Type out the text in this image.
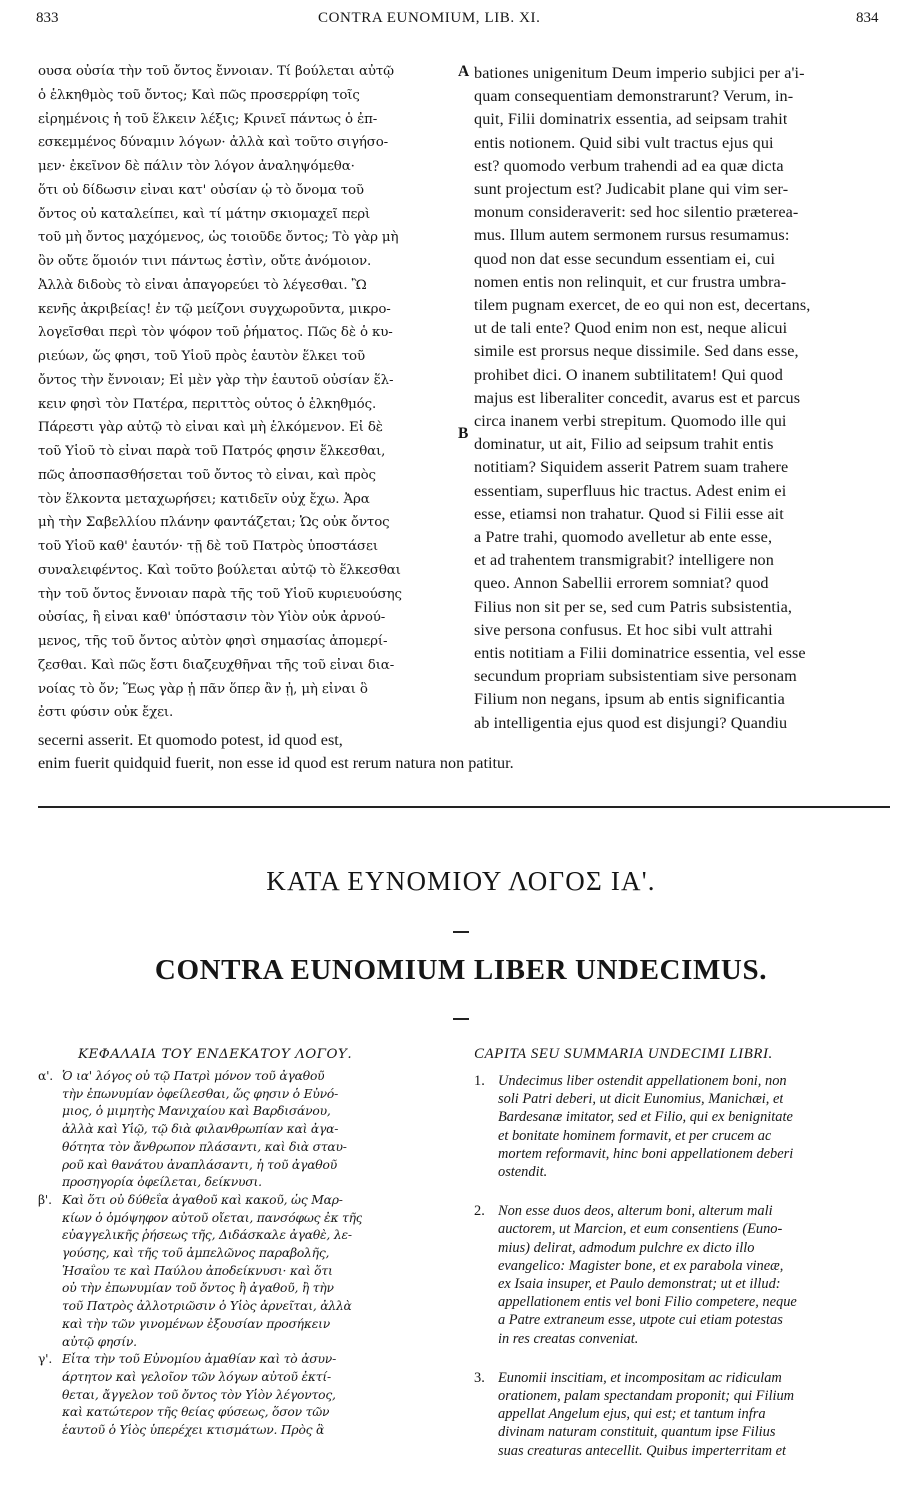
833	CONTRA EUNOMIUM, LIB. XI.	834
ουσα οὐσία τὴν τοῦ ὄντος ἔννοιαν. Τί βούλεται αὐτῷ
ὁ ἑλκηθμὸς τοῦ ὄντος; Καὶ πῶς προσερρίφη τοῖς
εἰρημένοις ἡ τοῦ ἕλκειν λέξις; Κρινεῖ πάντως ὁ ἐπ-
εσκεμμένος δύναμιν λόγων· ἀλλὰ καὶ τοῦτο σιγήσο-
μεν· ἐκεῖνον δὲ πάλιν τὸν λόγον ἀναληψόμεθα·
ὅτι οὐ δίδωσιν εἶναι κατ' οὐσίαν ᾧ τὸ ὄνομα τοῦ
ὄντος οὐ καταλείπει, καὶ τί μάτην σκιομαχεῖ περὶ
τοῦ μὴ ὄντος μαχόμενος, ὡς τοιοῦδε ὄντος; Τὸ γὰρ μὴ
ὂν οὔτε ὅμοιόν τινι πάντως ἐστὶν, οὔτε ἀνόμοιον.
Ἀλλὰ διδοὺς τὸ εἶναι ἀπαγορεύει τὸ λέγεσθαι. Ὢ
κενῆς ἀκριβείας! ἐν τῷ μείζονι συγχωροῦντα, μικρο-
λογεῖσθαι περὶ τὸν ψόφον τοῦ ῥήματος. Πῶς δὲ ὁ κυ-
ριεύων, ὥς φησι, τοῦ Υἱοῦ πρὸς ἑαυτὸν ἕλκει τοῦ
ὄντος τὴν ἔννοιαν; Εἰ μὲν γὰρ τὴν ἑαυτοῦ οὐσίαν ἕλ-
κειν φησὶ τὸν Πατέρα, περιττὸς οὗτος ὁ ἑλκηθμός.
Πάρεστι γὰρ αὐτῷ τὸ εἶναι καὶ μὴ ἑλκόμενον. Εἰ δὲ
τοῦ Υἱοῦ τὸ εἶναι παρὰ τοῦ Πατρός φησιν ἕλκεσθαι,
πῶς ἀποσπασθήσεται τοῦ ὄντος τὸ εἶναι, καὶ πρὸς
τὸν ἕλκοντα μεταχωρήσει; κατιδεῖν οὐχ ἔχω. Ἆρα
μὴ τὴν Σαβελλίου πλάνην φαντάζεται; Ὡς οὐκ ὄντος
τοῦ Υἱοῦ καθ' ἑαυτόν· τῇ δὲ τοῦ Πατρὸς ὑποστάσει
συναλειφέντος. Καὶ τοῦτο βούλεται αὐτῷ τὸ ἕλκεσθαι
τὴν τοῦ ὄντος ἔννοιαν παρὰ τῆς τοῦ Υἱοῦ κυριευούσης
οὐσίας, ἢ εἶναι καθ' ὑπόστασιν τὸν Υἱὸν οὐκ ἀρνού-
μενος, τῆς τοῦ ὄντος αὐτὸν φησὶ σημασίας ἀπομερί-
ζεσθαι. Καὶ πῶς ἔστι διαζευχθῆναι τῆς τοῦ εἶναι δια-
νοίας τὸ ὄν; Ἕως γὰρ ᾖ πᾶν ὅπερ ἂν ᾖ, μὴ εἶναι ὃ
ἐστι φύσιν οὐκ ἔχει.
bationes unigenitum Deum imperio subjici per a'i-
quam consequentiam demonstrarunt? Verum, in-
quit, Filii dominatrix essentia, ad seipsam trahit
entis notionem. Quid sibi vult tractus ejus qui
est? quomodo verbum trahendi ad ea quæ dicta
sunt projectum est? Judicabit plane qui vim ser-
monum consideraverit: sed hoc silentio præterea-
mus. Illum autem sermonem rursus resumamus:
quod non dat esse secundum essentiam ei, cui
nomen entis non relinquit, et cur frustra umbra-
tilem pugnam exercet, de eo qui non est, decertans,
ut de tali ente? Quod enim non est, neque alicui
simile est prorsus neque dissimile. Sed dans esse,
prohibet dici. O inanem subtilitatem! Qui quod
majus est liberaliter concedit, avarus est et parcus
circa inanem verbi strepitum. Quomodo ille qui
dominatur, ut ait, Filio ad seipsum trahit entis
notitiam? Siquidem asserit Patrem suam trahere
essentiam, superfluus hic tractus. Adest enim ei
esse, etiamsi non trahatur. Quod si Filii esse ait
a Patre trahi, quomodo avelletur ab ente esse,
et ad trahentem transmigrabit? intelligere non
queo. Annon Sabellii errorem somniat? quod
Filius non sit per se, sed cum Patris subsistentia,
sive persona confusus. Et hoc sibi vult attrahi
entis notitiam a Filii dominatrice essentia, vel esse
secundum propriam subsistentiam sive personam
Filium non negans, ipsum ab entis significantia
ab intelligentia ejus quod est disjungi? Quandiu
A
B
secerni asserit. Et quomodo potest, id quod est,
enim fuerit quidquid fuerit, non esse id quod est rerum natura non patitur.
ΚΑΤΑ ΕΥΝΟΜΙΟΥ ΛΟΓΟΣ ΙΑ'.
CONTRA EUNOMIUM LIBER UNDECIMUS.
ΚΕΦΑΛΑΙΑ ΤΟΥ ΕΝΔΕΚΑΤΟΥ ΛΟΓΟΥ.	CAPITA SEU SUMMARIA UNDECIMI LIBRI.
α'. Ὁ ια' λόγος οὐ τῷ Πατρὶ μόνον τοῦ ἀγαθοῦ
τὴν ἐπωνυμίαν ὀφείλεσθαι, ὥς φησιν ὁ Εὐνό-
μιος, ὁ μιμητὴς Μανιχαίου καὶ Βαρδισάνου,
ἀλλὰ καὶ Υἱῷ, τῷ διὰ φιλανθρωπίαν καὶ ἀγα-
θότητα τὸν ἄνθρωπον πλάσαντι, καὶ διὰ σταυ-
ροῦ καὶ θανάτου ἀναπλάσαντι, ἡ τοῦ ἀγαθοῦ
προσηγορία ὀφείλεται, δείκνυσι.
β'. Καὶ ὅτι οὐ δύθεΐα ἀγαθοῦ καὶ κακοῦ, ὡς Μαρ-
κίων ὁ ὁμόψηφον αὐτοῦ οἴεται, πανσόφως ἐκ τῆς
εὐαγγελικῆς ῥήσεως τῆς, Διδάσκαλε ἀγαθὲ, λε-
γούσης, καὶ τῆς τοῦ ἀμπελῶνος παραβολῆς,
Ἡσαΐου τε καὶ Παύλου ἀποδείκνυσι· καὶ ὅτι
οὐ τὴν ἐπωνυμίαν τοῦ ὄντος ἢ ἀγαθοῦ, ἢ τὴν
τοῦ Πατρὸς ἀλλοτριῶσιν ὁ Υἱὸς ἀρνεῖται, ἀλλὰ
καὶ τὴν τῶν γινομένων ἐξουσίαν προσήκειν
αὐτῷ φησίν.
γ'. Εἶτα τὴν τοῦ Εὐνομίου ἀμαθίαν καὶ τὸ ἀσυν-
άρτητον καὶ γελοῖον τῶν λόγων αὐτοῦ ἐκτί-
θεται, ἄγγελον τοῦ ὄντος τὸν Υἱὸν λέγοντος,
καὶ κατώτερον τῆς θείας φύσεως, ὅσον τῶν
ἑαυτοῦ ὁ Υἱὸς ὑπερέχει κτισμάτων. Πρὸς ἃ
1. Undecimus liber ostendit appellationem boni, non
soli Patri deberi, ut dicit Eunomius, Manichæi, et
Bardesanæ imitator, sed et Filio, qui ex benignitate
et bonitate hominem formavit, et per crucem ac
mortem reformavit, hinc boni appellationem deberi
ostendit.
2. Non esse duos deos, alterum boni, alterum mali
auctorem, ut Marcion, et eum consentiens (Euno-
mius) delirat, admodum pulchre ex dicto illo
evangelico: Magister bone, et ex parabola vineæ,
ex Isaia insuper, et Paulo demonstrat; ut et illud:
appellationem entis vel boni Filio competere, neque
a Patre extraneum esse, utpote cui etiam potestas
in res creatas conveniat.
3. Eunomii inscitiam, et incompositam ac ridiculam
orationem, palam spectandam proponit; qui Filium
appellat Angelum ejus, qui est; et tantum infra
divinam naturam constituit, quantum ipse Filius
suas creaturas antecellit. Quibus imperterritam et
